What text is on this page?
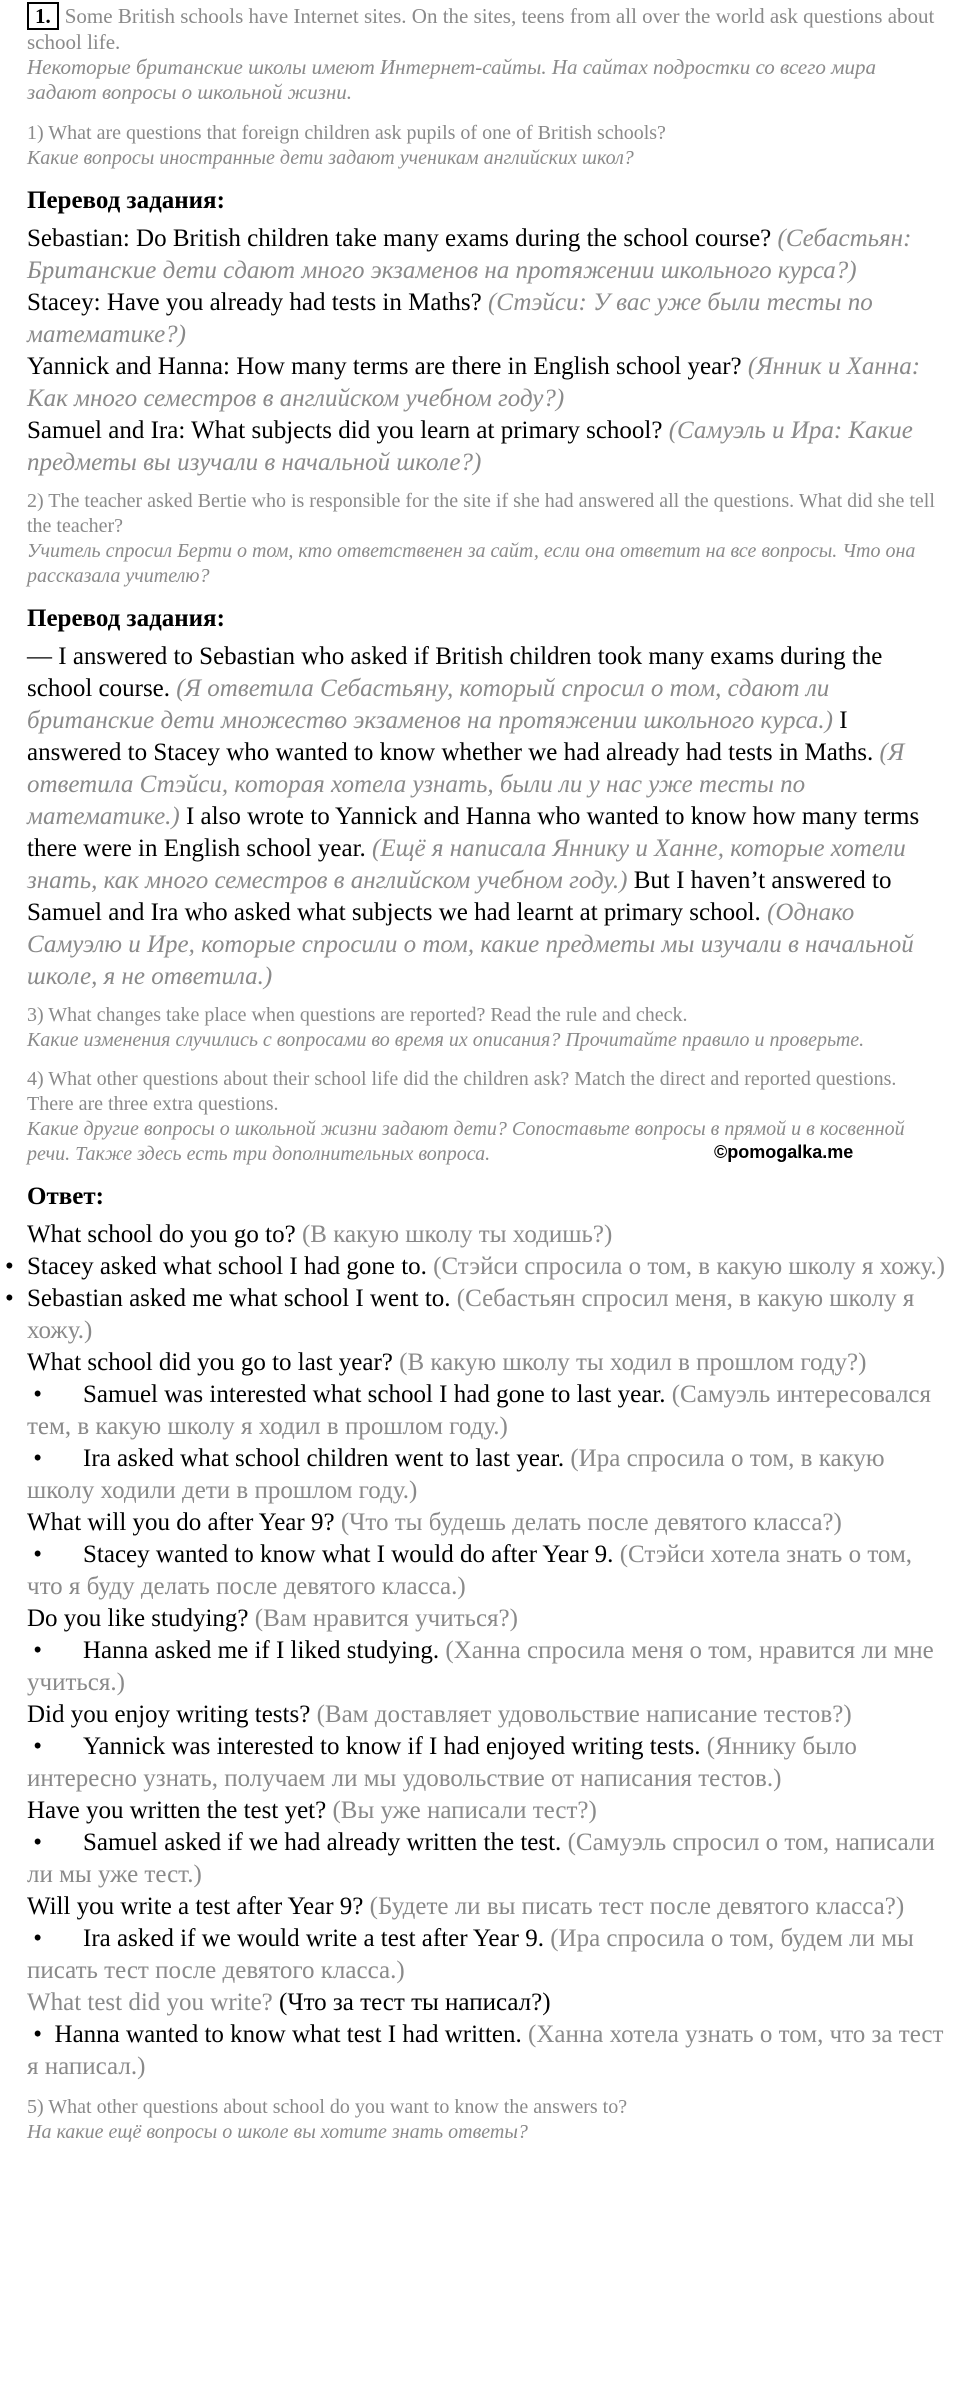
1. Some British schools have Internet sites. On the sites, teens from all over the world ask questions about school life.

Некоторые британские школы имеют Интернет-сайты. На сайтах подростки со всего мира задают вопросы о школьной жизни.

1) What are questions that foreign children ask pupils of one of British schools?

Какие вопросы иностранные дети задают ученикам английских школ?

Перевод задания:

Sebastian: Do British children take many exams during the school course? (Себастьян: Британские дети сдают много экзаменов на протяжении школьного курса?)

Stacey: Have you already had tests in Maths? (Стэйси: У вас уже были тесты по математике?)

Yannick and Hanna: How many terms are there in English school year? (Янник и Ханна: Как много семестров в английском учебном году?)

Samuel and Ira: What subjects did you learn at primary school? (Самуэль и Ира: Какие предметы вы изучали в начальной школе?)

2) The teacher asked Bertie who is responsible for the site if she had answered all the questions. What did she tell the teacher?

Учитель спросил Берти о том, кто ответственен за сайт, если она ответит на все вопросы. Что она рассказала учителю?

Перевод задания:

— I answered to Sebastian who asked if British children took many exams during the school course. (Я ответила Себастьяну, который спросил о том, сдают ли британские дети множество экзаменов на протяжении школьного курса.) I answered to Stacey who wanted to know whether we had already had tests in Maths. (Я ответила Стэйси, которая хотела узнать, были ли у нас уже тесты по математике.) I also wrote to Yannick and Hanna who wanted to know how many terms there were in English school year. (Ещё я написала Яннику и Ханне, которые хотели знать, как много семестров в английском учебном году.) But I haven’t answered to Samuel and Ira who asked what subjects we had learnt at primary school. (Однако Самуэлю и Ире, которые спросили о том, какие предметы мы изучали в начальной школе, я не ответила.)

3) What changes take place when questions are reported? Read the rule and check.

Какие изменения случились с вопросами во время их описания? Прочитайте правило и проверьте.

4) What other questions about their school life did the children ask? Match the direct and reported questions. There are three extra questions.

Какие другие вопросы о школьной жизни задают дети? Сопоставьте вопросы в прямой и в косвенной речи. Также здесь есть три дополнительных вопроса.

Ответ:

What school do you go to? (В какую школу ты ходишь?)

• Stacey asked what school I had gone to. (Стэйси спросила о том, в какую школу я хожу.)

• Sebastian asked me what school I went to. (Себастьян спросил меня, в какую школу я хожу.)

What school did you go to last year? (В какую школу ты ходил в прошлом году?)

• Samuel was interested what school I had gone to last year. (Самуэль интересовался тем, в какую школу я ходил в прошлом году.)

• Ira asked what school children went to last year. (Ира спросила о том, в какую школу ходили дети в прошлом году.)

What will you do after Year 9? (Что ты будешь делать после девятого класса?)

• Stacey wanted to know what I would do after Year 9. (Стэйси хотела знать о том, что я буду делать после девятого класса.)

Do you like studying? (Вам нравится учиться?)

• Hanna asked me if I liked studying. (Ханна спросила меня о том, нравится ли мне учиться.)

Did you enjoy writing tests? (Вам доставляет удовольствие написание тестов?)

• Yannick was interested to know if I had enjoyed writing tests. (Яннику было интересно узнать, получаем ли мы удовольствие от написания тестов.)

Have you written the test yet? (Вы уже написали тест?)

• Samuel asked if we had already written the test. (Самуэль спросил о том, написали ли мы уже тест.)

Will you write a test after Year 9? (Будете ли вы писать тест после девятого класса?)

• Ira asked if we would write a test after Year 9. (Ира спросила о том, будем ли мы писать тест после девятого класса.)

What test did you write? (Что за тест ты написал?)

•  Hanna wanted to know what test I had written. (Ханна хотела узнать о том, что за тест я написал.)

5) What other questions about school do you want to know the answers to?

На какие ещё вопросы о школе вы хотите знать ответы?

©pomogalka.me
